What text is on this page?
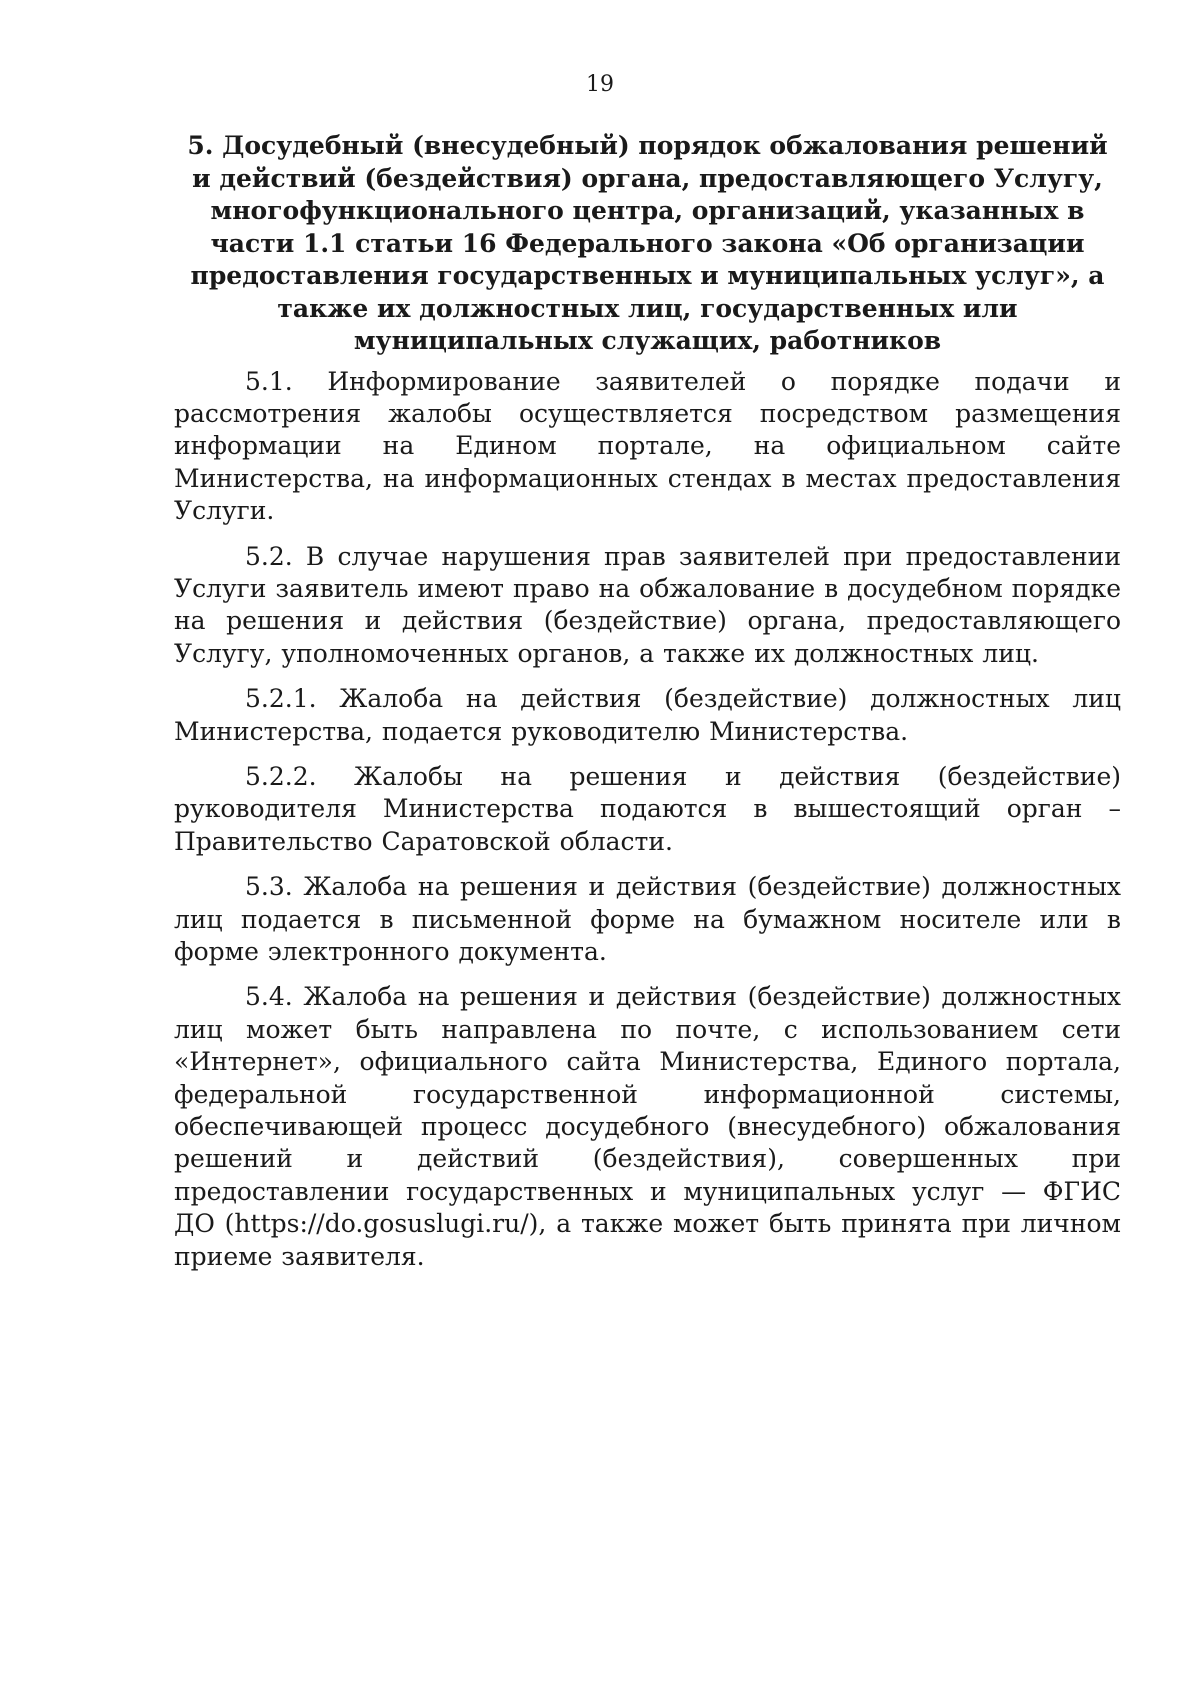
19
5. Досудебный (внесудебный) порядок обжалования решений и действий (бездействия) органа, предоставляющего Услугу, многофункционального центра, организаций, указанных в части 1.1 статьи 16 Федерального закона «Об организации предоставления государственных и муниципальных услуг», а также их должностных лиц, государственных или муниципальных служащих, работников

5.1. Информирование заявителей о порядке подачи и рассмотрения жалобы осуществляется посредством размещения информации на Едином портале, на официальном сайте Министерства, на информационных стендах в местах предоставления Услуги.

5.2. В случае нарушения прав заявителей при предоставлении Услуги заявитель имеют право на обжалование в досудебном порядке на решения и действия (бездействие) органа, предоставляющего Услугу, уполномоченных органов, а также их должностных лиц.

5.2.1. Жалоба на действия (бездействие) должностных лиц Министерства, подается руководителю Министерства.

5.2.2. Жалобы на решения и действия (бездействие) руководителя Министерства подаются в вышестоящий орган – Правительство Саратовской области.

5.3. Жалоба на решения и действия (бездействие) должностных лиц подается в письменной форме на бумажном носителе или в форме электронного документа.

5.4. Жалоба на решения и действия (бездействие) должностных лиц может быть направлена по почте, с использованием сети «Интернет», официального сайта Министерства, Единого портала, федеральной государственной информационной системы, обеспечивающей процесс досудебного (внесудебного) обжалования решений и действий (бездействия), совершенных при предоставлении государственных и муниципальных услуг — ФГИС ДО (https://do.gosuslugi.ru/), а также может быть принята при личном приеме заявителя.
